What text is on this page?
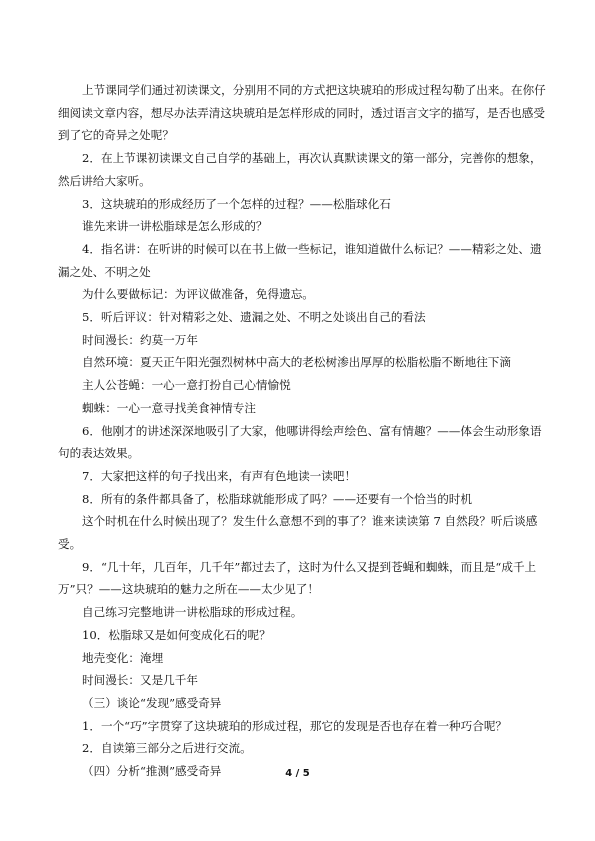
上节课同学们通过初读课文，分别用不同的方式把这块琥珀的形成过程勾勒了出来。在你仔细阅读文章内容，想尽办法弄清这块琥珀是怎样形成的同时，透过语言文字的描写，是否也感受到了它的奇异之处呢？

2．在上节课初读课文自己自学的基础上，再次认真默读课文的第一部分，完善你的想象，然后讲给大家听。

3．这块琥珀的形成经历了一个怎样的过程？——松脂球化石

谁先来讲一讲松脂球是怎么形成的？

4．指名讲：在听讲的时候可以在书上做一些标记，谁知道做什么标记？——精彩之处、遗漏之处、不明之处

为什么要做标记：为评议做准备，免得遗忘。

5．听后评议：针对精彩之处、遗漏之处、不明之处谈出自己的看法

时间漫长：约莫一万年

自然环境：夏天正午阳光强烈树林中高大的老松树渗出厚厚的松脂松脂不断地往下滴

主人公苍蝇：一心一意打扮自己心情愉悦

蜘蛛：一心一意寻找美食神情专注

6．他刚才的讲述深深地吸引了大家，他哪讲得绘声绘色、富有情趣？——体会生动形象语句的表达效果。

7．大家把这样的句子找出来，有声有色地读一读吧！

8．所有的条件都具备了，松脂球就能形成了吗？——还要有一个恰当的时机

这个时机在什么时候出现了？发生什么意想不到的事了？谁来读读第 7 自然段？听后谈感受。

9．“几十年，几百年，几千年”都过去了，这时为什么又提到苍蝇和蜘蛛，而且是“成千上万”只？——这块琥珀的魅力之所在——太少见了！

自己练习完整地讲一讲松脂球的形成过程。

10．松脂球又是如何变成化石的呢？

地壳变化：淹埋

时间漫长：又是几千年

（三）谈论“发现”感受奇异

1．一个“巧”字贯穿了这块琥珀的形成过程，那它的发现是否也存在着一种巧合呢？

2．自读第三部分之后进行交流。

（四）分析“推测”感受奇异	4 / 5
